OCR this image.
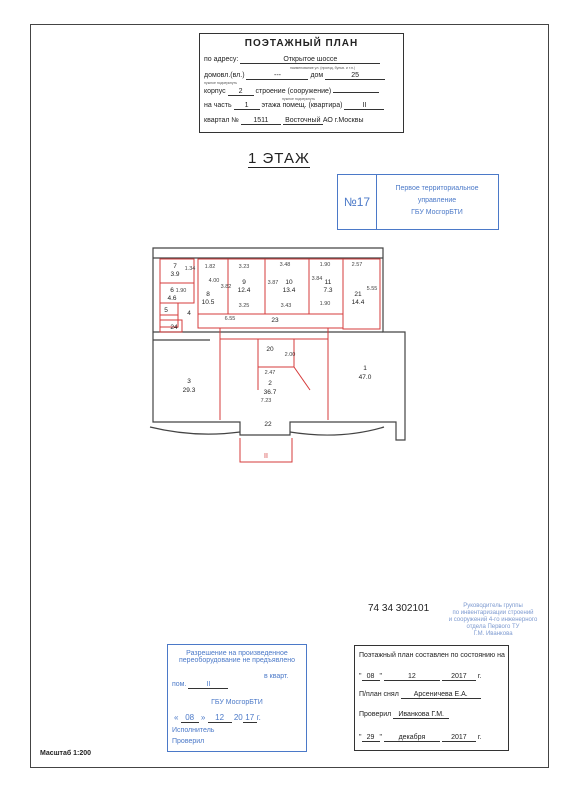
ПОЭТАЖНЫЙ ПЛАН
по адресу:	Открытое шоссе
наименование ул. (проезд, бульв. и т.п.)
домовл.(вл.)	---	дом	25
нужное подчеркнуть
корпус 2 строение (сооружение)
нужное подчеркнуть
на часть 1 этажа помещ. (квартира)	II
квартал № 1511 Восточный АО г.Москвы
1 ЭТАЖ
№17
Первое территориальное
управление
ГБУ МосгорБТИ
7
3.9
8
10.5
9
12.4
10
13.4
11
7.3
21
14.4
6
4.6
5	4
24
23
20
3
29.3
2
36.7
1
47.0
22
1.82	3.23	3.48	1.90	2.57
4.00
3.82
3.87
3.84
5.55
1.90
3.25	3.43
6.55
1.90
2.00
2.47
7.23
1.34
II
74 34 302101	Руководитель группы
по инвентаризации строений
и сооружений 4-го инженерного
отдела Первого ТУ
Г.М. Иванкова
Разрешение на произведенное
переоборудование не предъявлено
в кварт.
пом.	II
ГБУ МосгорБТИ
« 08 » 12 20 17 г.
Исполнитель
Проверил
Поэтажный план составлен по состоянию на
" 08 "	12	2017 г.
П/план снял Арсеничева Е.А.
Проверил Иванкова Г.М.
" 29 " декабря	2017 г.
Масштаб 1:200
